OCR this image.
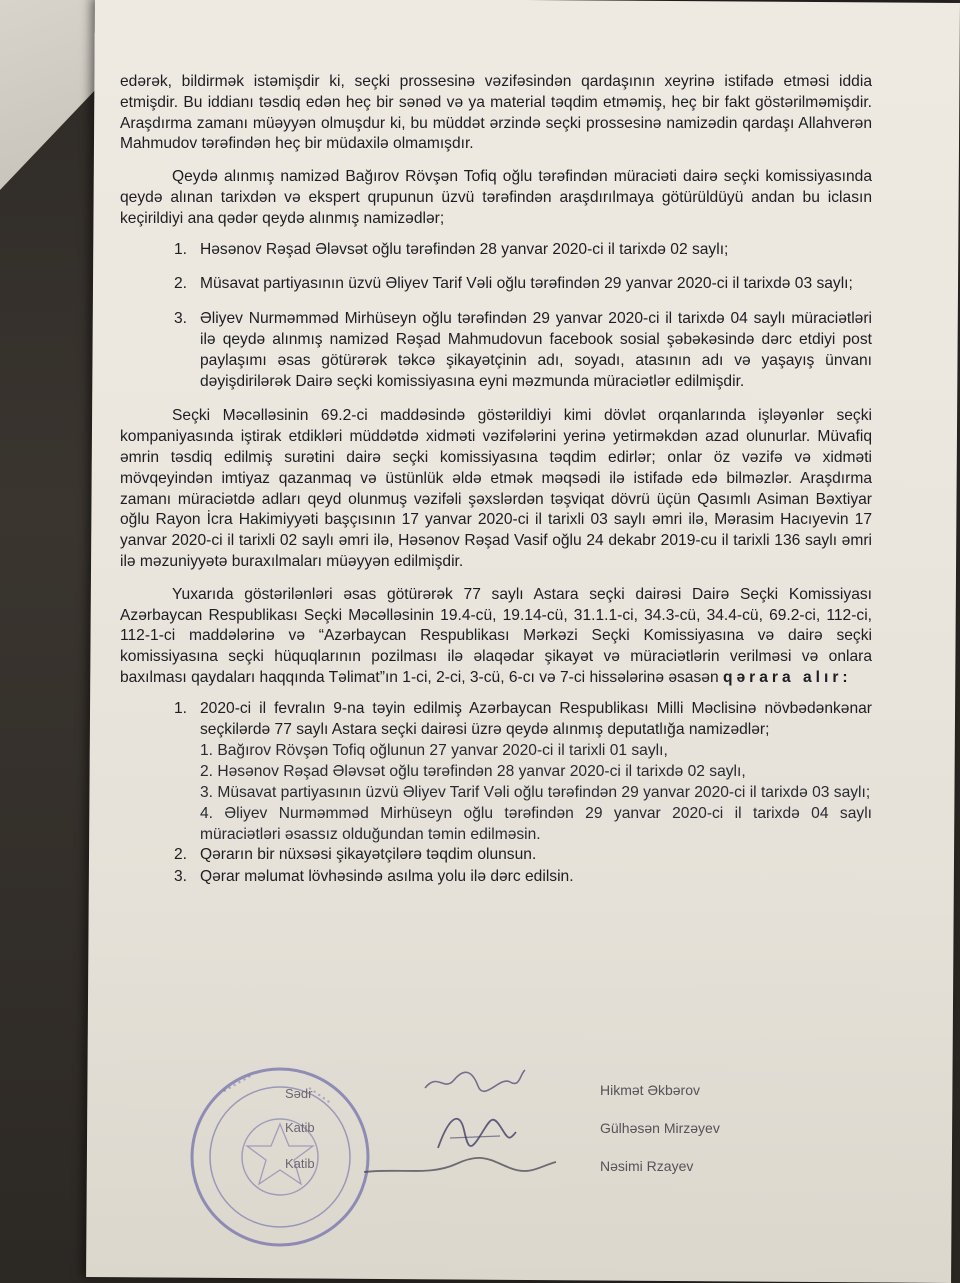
edərək, bildirmək istəmişdir ki, seçki prossesinə vəzifəsindən qardaşının xeyrinə istifadə etməsi iddia etmişdir. Bu iddianı təsdiq edən heç bir sənəd və ya material təqdim etməmiş, heç bir fakt göstərilməmişdir. Araşdırma zamanı müəyyən olmuşdur ki, bu müddət ərzində seçki prossesinə namizədin qardaşı Allahverən Mahmudov tərəfindən heç bir müdaxilə olmamışdır.

Qeydə alınmış namizəd Bağırov Rövşən Tofiq oğlu tərəfindən müraciəti dairə seçki komissiyasında qeydə alınan tarixdən və ekspert qrupunun üzvü tərəfindən araşdırılmaya götürüldüyü andan bu iclasın keçirildiyi ana qədər qeydə alınmış namizədlər;

1. Həsənov Rəşad Ələvsət oğlu tərəfindən 28 yanvar 2020-ci il tarixdə 02 saylı;
2. Müsavat partiyasının üzvü Əliyev Tarif Vəli oğlu tərəfindən 29 yanvar 2020-ci il tarixdə 03 saylı;
3. Əliyev Nurməmməd Mirhüseyn oğlu tərəfindən 29 yanvar 2020-ci il tarixdə 04 saylı müraciətləri ilə qeydə alınmış namizəd Rəşad Mahmudovun facebook sosial şəbəkəsində dərc etdiyi post paylaşımı əsas götürərək təkcə şikayətçinin adı, soyadı, atasının adı və yaşayış ünvanı dəyişdirilərək Dairə seçki komissiyasına eyni məzmunda müraciətlər edilmişdir.

Seçki Məcəlləsinin 69.2-ci maddəsində göstərildiyi kimi dövlət orqanlarında işləyənlər seçki kompaniyasında iştirak etdikləri müddətdə xidməti vəzifələrini yerinə yetirməkdən azad olunurlar. Müvafiq əmrin təsdiq edilmiş surətini dairə seçki komissiyasına təqdim edirlər; onlar öz vəzifə və xidməti mövqeyindən imtiyaz qazanmaq və üstünlük əldə etmək məqsədi ilə istifadə edə bilməzlər. Araşdırma zamanı müraciətdə adları qeyd olunmuş vəzifəli şəxslərdən təşviqat dövrü üçün Qasımlı Asiman Bəxtiyar oğlu Rayon İcra Hakimiyyəti başçısının 17 yanvar 2020-ci il tarixli 03 saylı əmri ilə, Mərasim Hacıyevin 17 yanvar 2020-ci il tarixli 02 saylı əmri ilə, Həsənov Rəşad Vasif oğlu 24 dekabr 2019-cu il tarixli 136 saylı əmri ilə məzuniyyətə buraxılmaları müəyyən edilmişdir.

Yuxarıda göstərilənləri əsas götürərək 77 saylı Astara seçki dairəsi Dairə Seçki Komissiyası Azərbaycan Respublikası Seçki Məcəlləsinin 19.4-cü, 19.14-cü, 31.1.1-ci, 34.3-cü, 34.4-cü, 69.2-ci, 112-ci, 112-1-ci maddələrinə və “Azərbaycan Respublikası Mərkəzi Seçki Komissiyasına və dairə seçki komissiyasına seçki hüquqlarının pozilması ilə əlaqədar şikayət və müraciətlərin verilməsi və onlara baxılması qaydaları haqqında Təlimat”ın 1-ci, 2-ci, 3-cü, 6-cı və 7-ci hissələrinə əsasən qərara alır:

1. 2020-ci il fevralın 9-na təyin edilmiş Azərbaycan Respublikası Milli Məclisinə növbədənkənar seçkilərdə 77 saylı Astara seçki dairəsi üzrə qeydə alınmış deputatlığa namizədlər;
1. Bağırov Rövşən Tofiq oğlunun 27 yanvar 2020-ci il tarixli 01 saylı,
2. Həsənov Rəşad Ələvsət oğlu tərəfindən 28 yanvar 2020-ci il tarixdə 02 saylı,
3. Müsavat partiyasının üzvü Əliyev Tarif Vəli oğlu tərəfindən 29 yanvar 2020-ci il tarixdə 03 saylı;
4. Əliyev Nurməmməd Mirhüseyn oğlu tərəfindən 29 yanvar 2020-ci il tarixdə 04 saylı müraciətləri əsassız olduğundan təmin edilməsin.
2. Qərarın bir nüxsəsi şikayətçilərə təqdim olunsun.
3. Qərar məlumat lövhəsində asılma yolu ilə dərc edilsin.
• • • • • •	• • • • •
Sədr
Katib
Katib
Hikmət Əkbərov
Gülhəsən Mirzəyev
Nəsimi Rzayev
